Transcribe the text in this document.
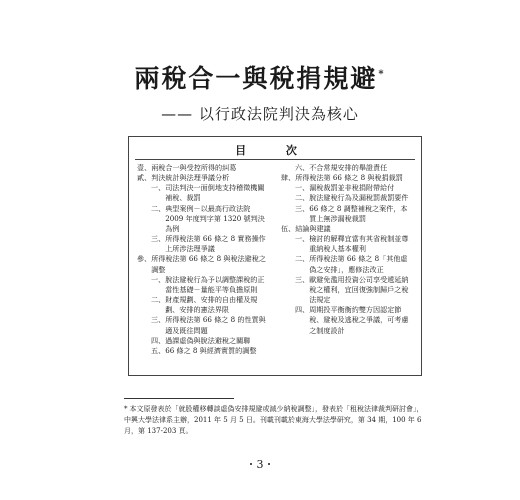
兩稅合一與稅捐規避*
—— 以行政法院判決為核心
目 次
壹、 兩稅合一與受控所得的糾葛
貳、 判決統計與法理爭議分析
一、 司法判決一面倒地支持稽徵機關補稅、裁罰
二、 典型案例－以最高行政法院 2009 年度判字第 1320 號判決為例
三、 所得稅法第 66 條之 8 實務操作上所涉法理爭議
參、 所得稅法第 66 條之 8 與稅法避稅之調整
一、 脫法避稅行為予以調整課稅的正當性基礎－量能平等負擔原則
二、 財產規劃、安排的自由權及規劃、安排的憲法界限
三、 所得稅法第 66 條之 8 的性質與適及既往問題
四、 過課虛偽與脫法避稅之關聯
五、 66 條之 8 與經濟實質的調整
六、 不合常規安排的舉證責任
肆、 所得稅法第 66 條之 8 與稅捐裁罰
一、 漏稅裁罰並非稅捐附帶給付
二、 脫法避稅行為及漏稅罰裁罰要件
三、 66 條之 8 調整補稅之案件，本質上無涉漏稅裁罰
伍、 結論與建議
一、 檢討的解釋宜當有其省稅制並尊重納稅人基本權利
二、 所得稅法第 66 條之 8「其他虛偽之安排」，應修法改正
三、 歐避免濫用投資公司享受遞延納稅之權利，宜回復強制歸戶之稅法規定
四、 周期投平衡衡約雙方因認定節稅、避稅及逃稅之爭議，可考慮之制度設計
* 本文原發表於「就股權移轉談虛偽安排規避或減少納稅調整」，發表於「租稅法律裁判研討會」，中興大學法律系主辦，2011 年 5 月 5 日。刊載刊載於東海大學法學研究，第 34 期，100 年 6 月，第 137-203 頁。
・3・
